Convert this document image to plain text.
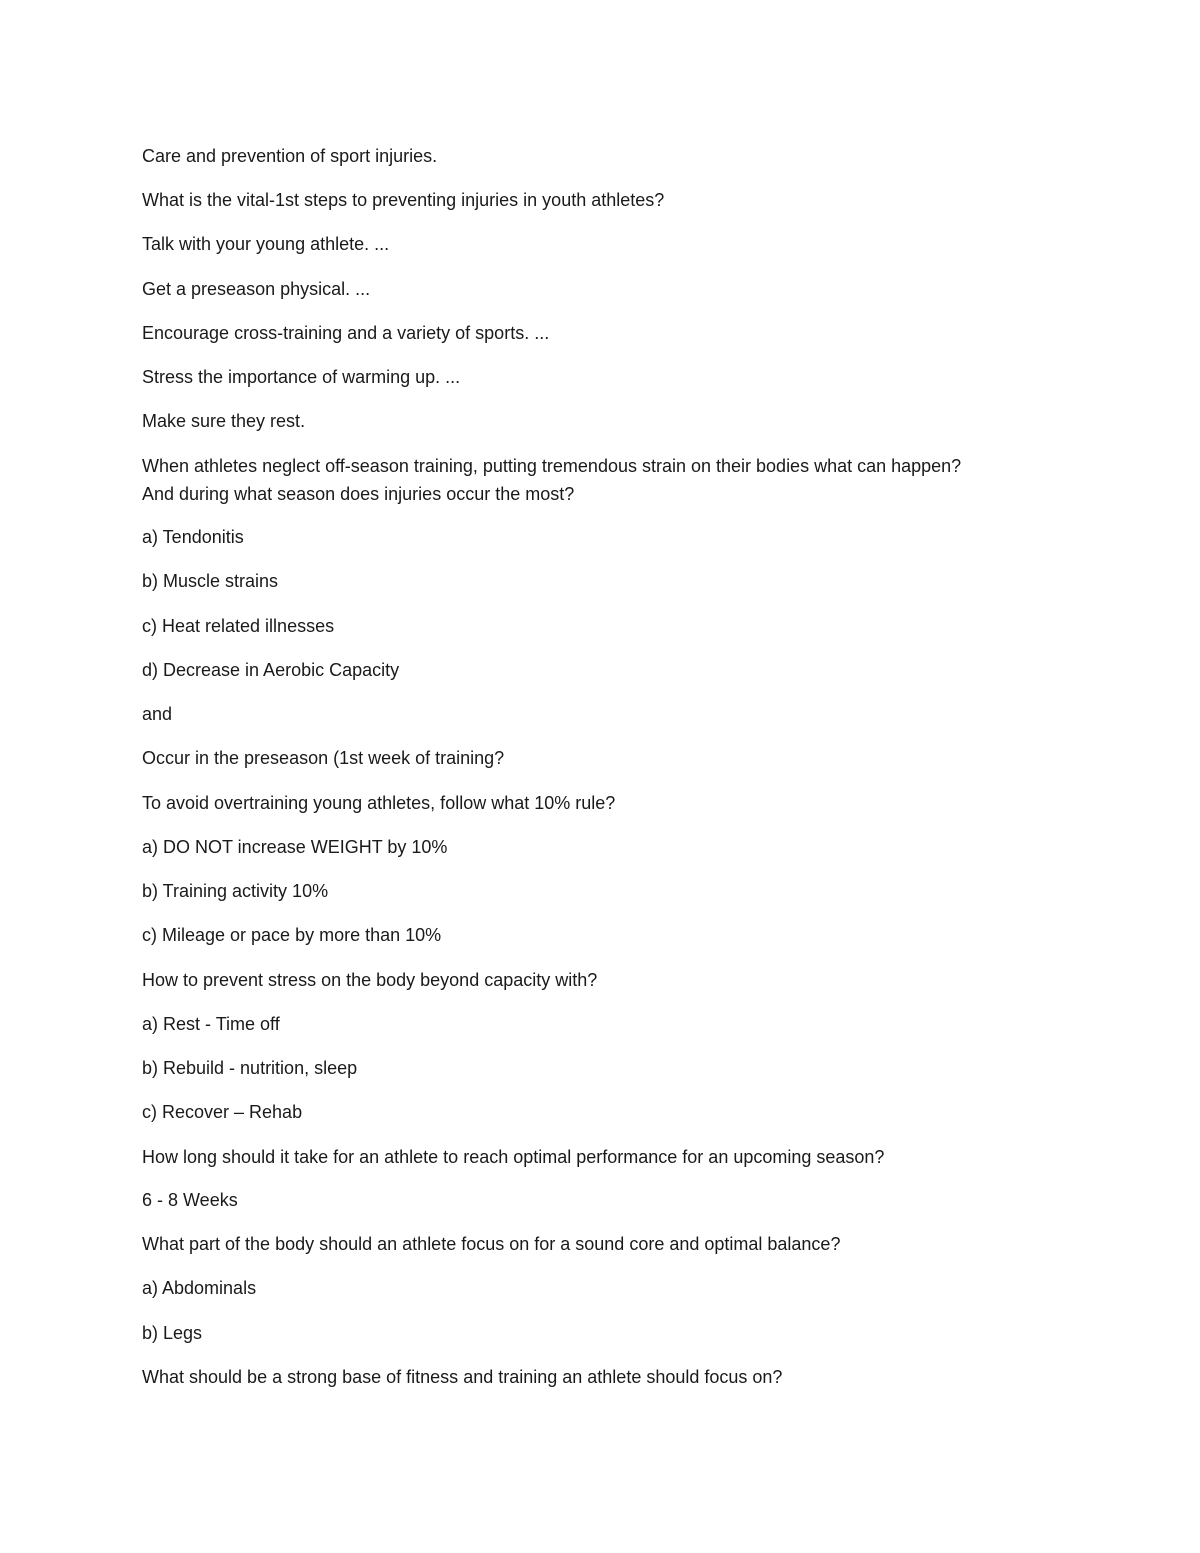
Care and prevention of sport injuries.

What is the vital-1st steps to preventing injuries in youth athletes?

Talk with your young athlete. ...

Get a preseason physical. ...

Encourage cross-training and a variety of sports. ...

Stress the importance of warming up. ...

Make sure they rest.

When athletes neglect off-season training, putting tremendous strain on their bodies what can happen?

And during what season does injuries occur the most?

a) Tendonitis

b) Muscle strains

c) Heat related illnesses

d) Decrease in Aerobic Capacity

and

Occur in the preseason (1st week of training?

To avoid overtraining young athletes, follow what 10% rule?

a) DO NOT increase WEIGHT by 10%

b) Training activity 10%

c) Mileage or pace by more than 10%

How to prevent stress on the body beyond capacity with?

a) Rest - Time off

b) Rebuild - nutrition, sleep

c) Recover – Rehab

How long should it take for an athlete to reach optimal performance for an upcoming season?

6 - 8 Weeks

What part of the body should an athlete focus on for a sound core and optimal balance?

a) Abdominals

b) Legs

What should be a strong base of fitness and training an athlete should focus on?
